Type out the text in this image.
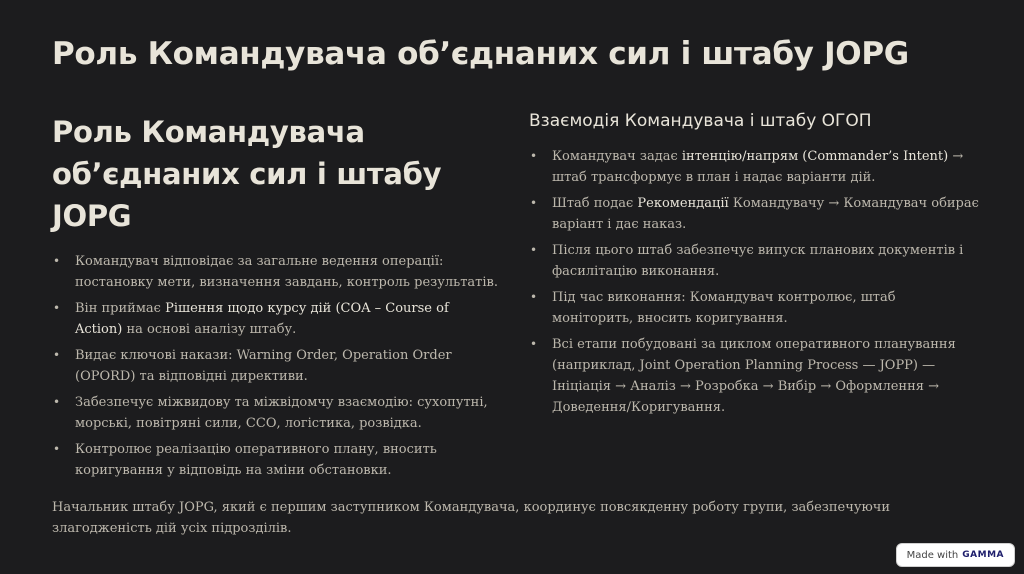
Роль Командувача об’єднаних сил і штабу JOPG
Роль Командувача об’єднаних сил і штабу JOPG
• Командувач відповідає за загальне ведення операції: постановку мети, визначення завдань, контроль результатів.
• Він приймає Рішення щодо курсу дій (COA – Course of Action) на основі аналізу штабу.
• Видає ключові накази: Warning Order, Operation Order (OPORD) та відповідні директиви.
• Забезпечує міжвидову та міжвідомчу взаємодію: сухопутні, морські, повітряні сили, ССО, логістика, розвідка.
• Контролює реалізацію оперативного плану, вносить коригування у відповідь на зміни обстановки.
Взаємодія Командувача і штабу ОГОП
• Командувач задає інтенцію/напрям (Commander’s Intent) → штаб трансформує в план і надає варіанти дій.
• Штаб подає Рекомендації Командувачу → Командувач обирає варіант і дає наказ.
• Після цього штаб забезпечує випуск планових документів і фасилітацію виконання.
• Під час виконання: Командувач контролює, штаб моніторить, вносить коригування.
• Всі етапи побудовані за циклом оперативного планування (наприклад, Joint Operation Planning Process — JOPP) — Ініціація → Аналіз → Розробка → Вибір → Оформлення → Доведення/Коригування.

Начальник штабу JOPG, який є першим заступником Командувача, координує повсякденну роботу групи, забезпечуючи злагодженість дій усіх підрозділів.

Made with GAMMA
